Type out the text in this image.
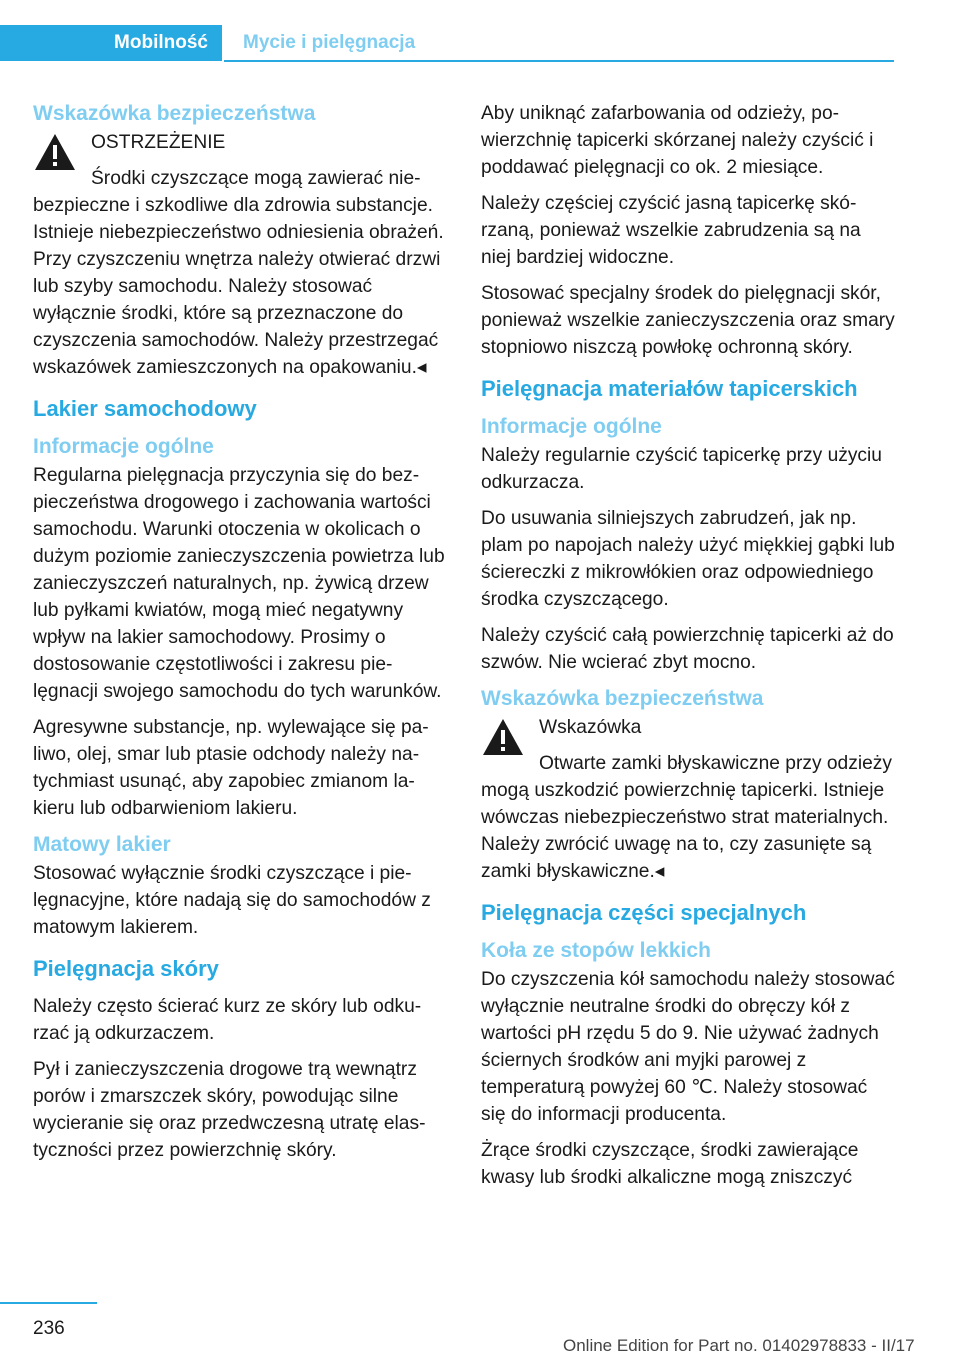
Mobilność	Mycie i pielęgnacja
Wskazówka bezpieczeństwa

OSTRZEŻENIE

Środki czyszczące mogą zawierać niebezpieczne i szkodliwe dla zdrowia substancje. Istnieje niebezpieczeństwo odniesienia obrażeń. Przy czyszczeniu wnętrza należy otwierać drzwi lub szyby samochodu. Należy stosować wyłącznie środki, które są przeznaczone do czyszczenia samochodów. Należy przestrzegać wskazówek zamieszczonych na opakowaniu.◂

Lakier samochodowy
Informacje ogólne

Regularna pielęgnacja przyczynia się do bezpieczeństwa drogowego i zachowania wartości samochodu. Warunki otoczenia w okolicach o dużym poziomie zanieczyszczenia powietrza lub zanieczyszczeń naturalnych, np. żywicą drzew lub pyłkami kwiatów, mogą mieć negatywny wpływ na lakier samochodowy. Prosimy o dostosowanie częstotliwości i zakresu pielęgnacji swojego samochodu do tych warunków.

Agresywne substancje, np. wylewające się paliwo, olej, smar lub ptasie odchody należy natychmiast usunąć, aby zapobiec zmianom lakieru lub odbarwieniom lakieru.

Matowy lakier

Stosować wyłącznie środki czyszczące i pielęgnacyjne, które nadają się do samochodów z matowym lakierem.

Pielęgnacja skóry

Należy często ścierać kurz ze skóry lub odkurzać ją odkurzaczem.

Pył i zanieczyszczenia drogowe trą wewnątrz porów i zmarszczek skóry, powodując silne wycieranie się oraz przedwczesną utratę elastyczności przez powierzchnię skóry.

Aby uniknąć zafarbowania od odzieży, powierzchnię tapicerki skórzanej należy czyścić i poddawać pielęgnacji co ok. 2 miesiące.

Należy częściej czyścić jasną tapicerkę skórzaną, ponieważ wszelkie zabrudzenia są na niej bardziej widoczne.

Stosować specjalny środek do pielęgnacji skór, ponieważ wszelkie zanieczyszczenia oraz smary stopniowo niszczą powłokę ochronną skóry.

Pielęgnacja materiałów tapicerskich
Informacje ogólne

Należy regularnie czyścić tapicerkę przy użyciu odkurzacza.

Do usuwania silniejszych zabrudzeń, jak np. plam po napojach należy użyć miękkiej gąbki lub ściereczki z mikrowłókien oraz odpowiedniego środka czyszczącego.

Należy czyścić całą powierzchnię tapicerki aż do szwów. Nie wcierać zbyt mocno.

Wskazówka bezpieczeństwa

Wskazówka

Otwarte zamki błyskawiczne przy odzieży mogą uszkodzić powierzchnię tapicerki. Istnieje wówczas niebezpieczeństwo strat materialnych. Należy zwrócić uwagę na to, czy zasunięte są zamki błyskawiczne.◂

Pielęgnacja części specjalnych
Koła ze stopów lekkich

Do czyszczenia kół samochodu należy stosować wyłącznie neutralne środki do obręczy kół z wartości pH rzędu 5 do 9. Nie używać żadnych ściernych środków ani myjki parowej z temperaturą powyżej 60 ℃. Należy stosować się do informacji producenta.

Żrące środki czyszczące, środki zawierające kwasy lub środki alkaliczne mogą zniszczyć

236
Online Edition for Part no. 01402978833 - II/17
